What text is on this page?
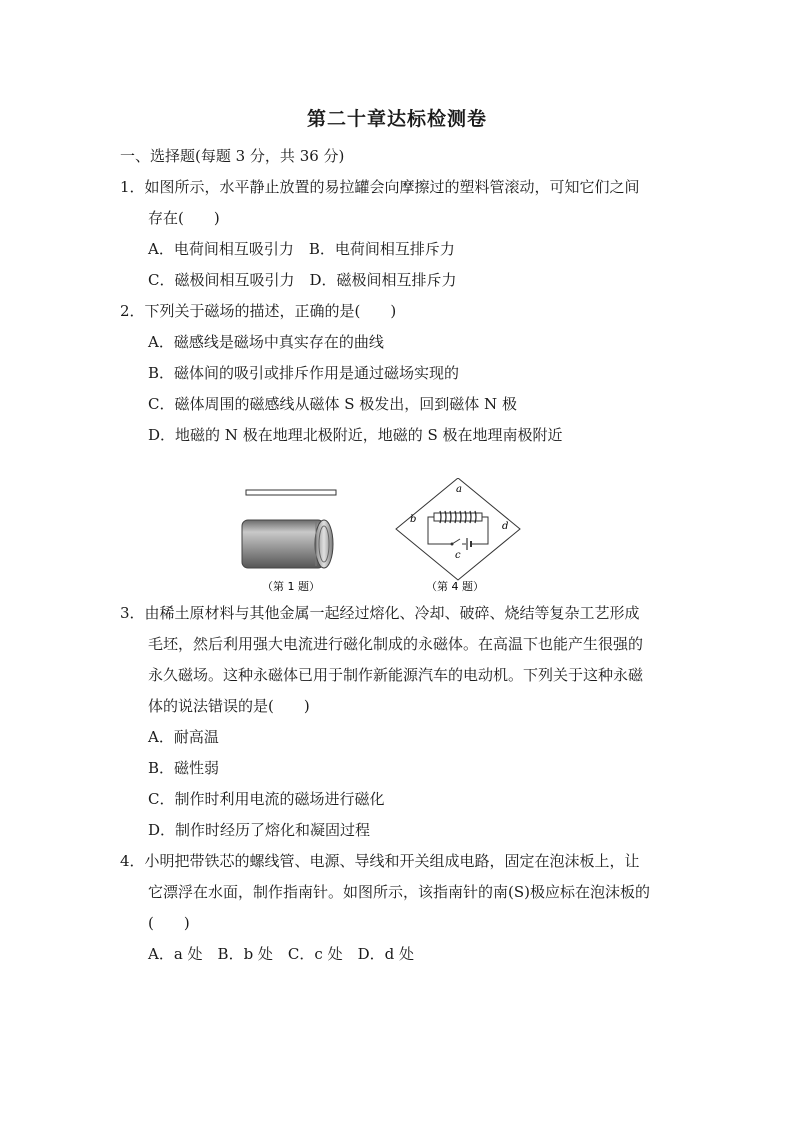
第二十章达标检测卷
一、选择题(每题 3 分，共 36 分)
1．如图所示，水平静止放置的易拉罐会向摩擦过的塑料管滚动，可知它们之间
存在(　　)
A．电荷间相互吸引力　B．电荷间相互排斥力
C．磁极间相互吸引力　D．磁极间相互排斥力
2．下列关于磁场的描述，正确的是(　　)
A．磁感线是磁场中真实存在的曲线
B．磁体间的吸引或排斥作用是通过磁场实现的
C．磁体周围的磁感线从磁体 S 极发出，回到磁体 N 极
D．地磁的 N 极在地理北极附近，地磁的 S 极在地理南极附近
a
b
d
c
（第 1 题）	（第 4 题）
3．由稀土原材料与其他金属一起经过熔化、冷却、破碎、烧结等复杂工艺形成
毛坯，然后利用强大电流进行磁化制成的永磁体。在高温下也能产生很强的
永久磁场。这种永磁体已用于制作新能源汽车的电动机。下列关于这种永磁
体的说法错误的是(　　)
A．耐高温
B．磁性弱
C．制作时利用电流的磁场进行磁化
D．制作时经历了熔化和凝固过程
4．小明把带铁芯的螺线管、电源、导线和开关组成电路，固定在泡沫板上，让
它漂浮在水面，制作指南针。如图所示，该指南针的南(S)极应标在泡沫板的
(　　)
A．a 处　B．b 处　C．c 处　D．d 处
